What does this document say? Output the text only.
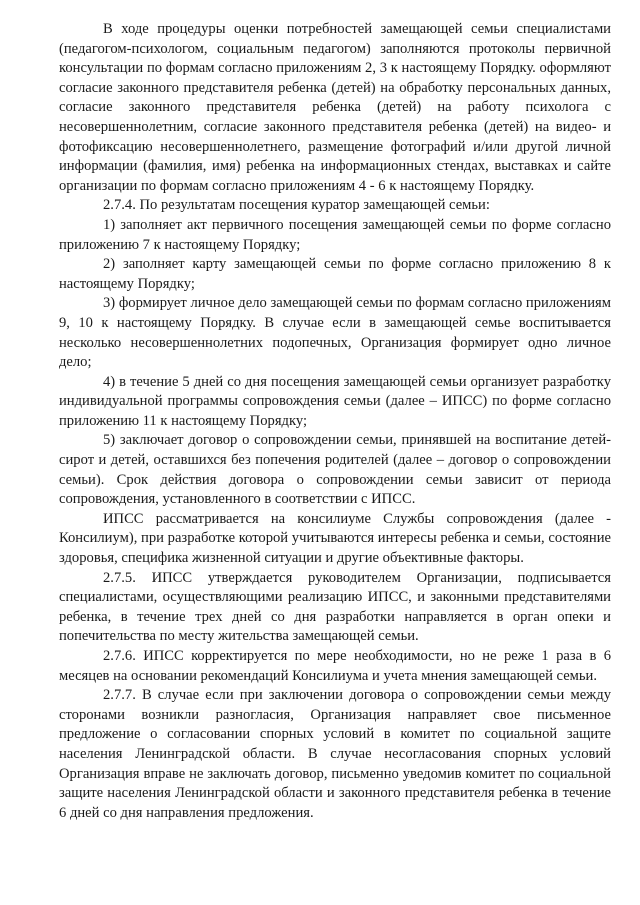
В ходе процедуры оценки потребностей замещающей семьи специалистами (педагогом-психологом, социальным педагогом) заполняются протоколы первичной консультации по формам согласно приложениям 2, 3 к настоящему Порядку. оформляют согласие законного представителя ребенка (детей) на обработку персональных данных, согласие законного представителя ребенка (детей) на работу психолога с несовершеннолетним, согласие законного представителя ребенка (детей) на видео- и фотофиксацию несовершеннолетнего, размещение фотографий и/или другой личной информации (фамилия, имя) ребенка на информационных стендах, выставках и сайте организации по формам согласно приложениям 4 - 6 к настоящему Порядку.

2.7.4. По результатам посещения куратор замещающей семьи:

1) заполняет акт первичного посещения замещающей семьи по форме согласно приложению 7 к настоящему Порядку;

2) заполняет карту замещающей семьи по форме согласно приложению 8 к настоящему Порядку;

3) формирует личное дело замещающей семьи по формам согласно приложениям 9, 10 к настоящему Порядку. В случае если в замещающей семье воспитывается несколько несовершеннолетних подопечных, Организация формирует одно личное дело;

4) в течение 5 дней со дня посещения замещающей семьи организует разработку индивидуальной программы сопровождения семьи (далее – ИПСС) по форме согласно приложению 11 к настоящему Порядку;

5) заключает договор о сопровождении семьи, принявшей на воспитание детей-сирот и детей, оставшихся без попечения родителей (далее – договор о сопровождении семьи). Срок действия договора о сопровождении семьи зависит от периода сопровождения, установленного в соответствии с ИПСС.

ИПСС рассматривается на консилиуме Службы сопровождения (далее - Консилиум), при разработке которой учитываются интересы ребенка и семьи, состояние здоровья, специфика жизненной ситуации и другие объективные факторы.

2.7.5. ИПСС утверждается руководителем Организации, подписывается специалистами, осуществляющими реализацию ИПСС, и законными представителями ребенка, в течение трех дней со дня разработки направляется в орган опеки и попечительства по месту жительства замещающей семьи.

2.7.6. ИПСС корректируется по мере необходимости, но не реже 1 раза в 6 месяцев на основании рекомендаций Консилиума и учета мнения замещающей семьи.

2.7.7. В случае если при заключении договора о сопровождении семьи между сторонами возникли разногласия, Организация направляет свое письменное предложение о согласовании спорных условий в комитет по социальной защите населения Ленинградской области. В случае несогласования спорных условий Организация вправе не заключать договор, письменно уведомив комитет по социальной защите населения Ленинградской области и законного представителя ребенка в течение 6 дней со дня направления предложения.
